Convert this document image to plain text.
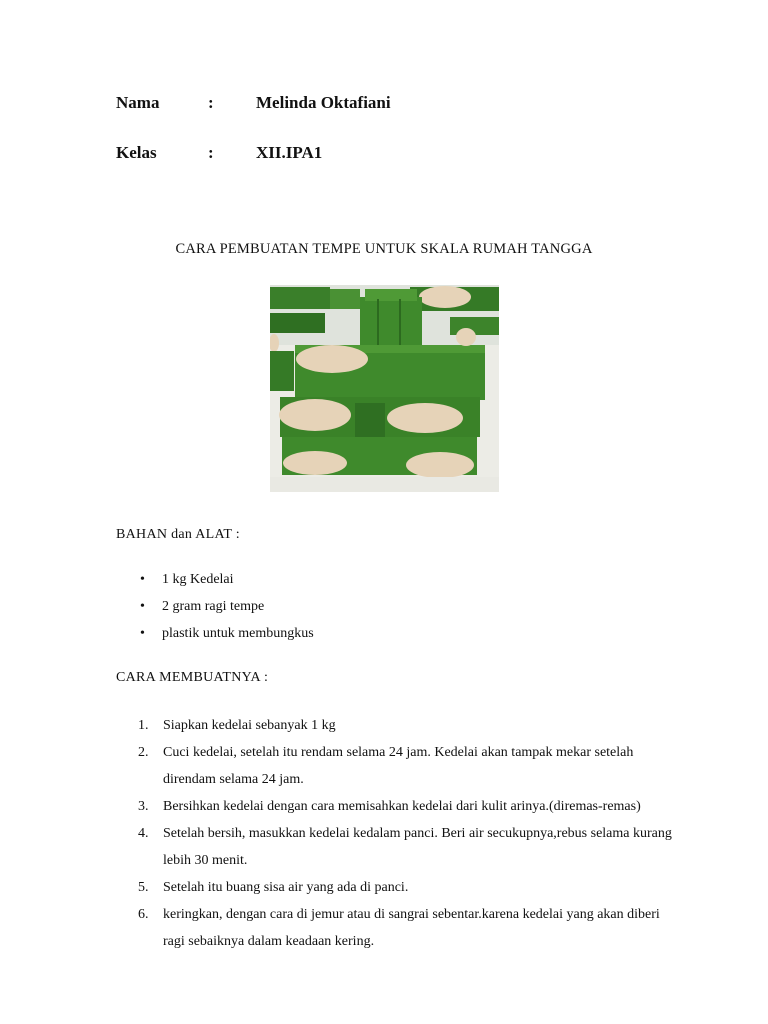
Nama	: Melinda Oktafiani
Kelas	: XII.IPA1
CARA PEMBUATAN TEMPE UNTUK SKALA RUMAH TANGGA
BAHAN dan ALAT :
• 1 kg Kedelai
• 2 gram ragi tempe
• plastik untuk membungkus
CARA MEMBUATNYA :
1. Siapkan kedelai sebanyak 1 kg
2. Cuci kedelai, setelah itu rendam selama 24 jam. Kedelai akan tampak mekar setelah direndam selama 24 jam.
3. Bersihkan kedelai dengan cara memisahkan kedelai dari kulit arinya.(diremas-remas)
4. Setelah bersih, masukkan kedelai kedalam panci. Beri air secukupnya,rebus selama kurang lebih 30 menit.
5. Setelah itu buang sisa air yang ada di panci.
6. keringkan, dengan cara di jemur atau di sangrai sebentar.karena kedelai yang akan diberi ragi sebaiknya dalam keadaan kering.
